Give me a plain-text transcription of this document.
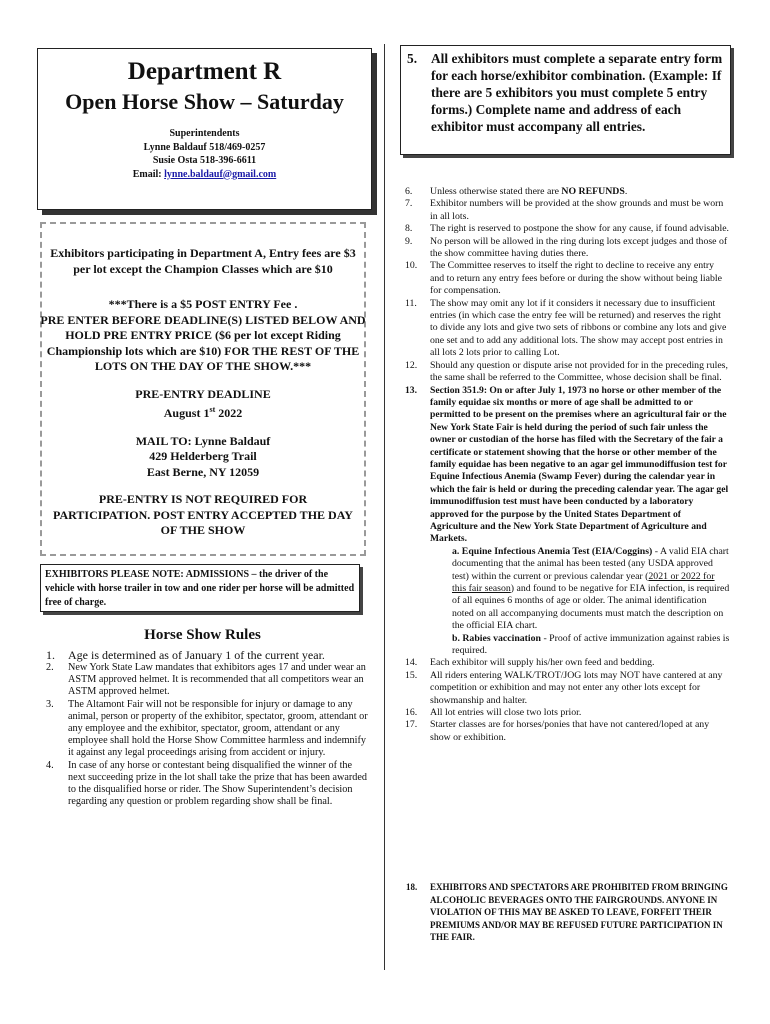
Department R
Open Horse Show – Saturday
Superintendents
Lynne Baldauf 518/469-0257
Susie Osta 518-396-6611
Email: lynne.baldauf@gmail.com

Exhibitors participating in Department A, Entry fees are $3 per lot except the Champion Classes which are $10

***There is a $5 POST ENTRY Fee .

PRE ENTER BEFORE DEADLINE(S) LISTED BELOW AND HOLD PRE ENTRY PRICE ($6 per lot except Riding Championship lots which are $10) FOR THE REST OF THE LOTS ON THE DAY OF THE SHOW.***

PRE-ENTRY DEADLINE

August 1st 2022

MAIL TO: Lynne Baldauf

429 Helderberg Trail

East Berne, NY 12059

PRE-ENTRY IS NOT REQUIRED FOR PARTICIPATION. POST ENTRY ACCEPTED THE DAY OF THE SHOW

EXHIBITORS PLEASE NOTE: ADMISSIONS – the driver of the vehicle with horse trailer in tow and one rider per horse will be admitted free of charge.
Horse Show Rules
1. Age is determined as of January 1 of the current year.
2. New York State Law mandates that exhibitors ages 17 and under wear an ASTM approved helmet. It is recommended that all competitors wear an ASTM approved helmet.
3. The Altamont Fair will not be responsible for injury or damage to any animal, person or property of the exhibitor, spectator, groom, attendant or any employee and the exhibitor, spectator, groom, attendant or any employee shall hold the Horse Show Committee harmless and indemnify it against any legal proceedings arising from accident or injury.
4. In case of any horse or contestant being disqualified the winner of the next succeeding prize in the lot shall take the prize that has been awarded to the disqualified horse or rider. The Show Superintendent’s decision regarding any question or problem regarding show shall be final.
5. All exhibitors must complete a separate entry form for each horse/exhibitor combination. (Example: If there are 5 exhibitors you must complete 5 entry forms.) Complete name and address of each exhibitor must accompany all entries.
6. Unless otherwise stated there are NO REFUNDS.
7. Exhibitor numbers will be provided at the show grounds and must be worn in all lots.
8. The right is reserved to postpone the show for any cause, if found advisable.
9. No person will be allowed in the ring during lots except judges and those of the show committee having duties there.
10. The Committee reserves to itself the right to decline to receive any entry and to return any entry fees before or during the show without being liable for compensation.
11. The show may omit any lot if it considers it necessary due to insufficient entries (in which case the entry fee will be returned) and reserves the right to divide any lots and give two sets of ribbons or combine any lots and give one set and to add any additional lots. The show may accept post entries in all lots 2 lots prior to calling Lot.
12. Should any question or dispute arise not provided for in the preceding rules, the same shall be referred to the Committee, whose decision shall be final.
13. Section 351.9: On or after July 1, 1973 no horse or other member of the family equidae six months or more of age shall be admitted to or permitted to be present on the premises where an agricultural fair or the New York State Fair is held during the period of such fair unless the owner or custodian of the horse has filed with the Secretary of the fair a certificate or statement showing that the horse or other member of the family equidae has been negative to an agar gel immunodiffusion test for Equine Infectious Anemia (Swamp Fever) during the calendar year in which the fair is held or during the preceding calendar year. The agar gel immunodiffusion test must have been conducted by a laboratory approved for the purpose by the United States Department of Agriculture and the New York State Department of Agriculture and Markets.
a. Equine Infectious Anemia Test (EIA/Coggins) - A valid EIA chart documenting that the animal has been tested (any USDA approved test) within the current or previous calendar year (2021 or 2022 for this fair season) and found to be negative for EIA infection, is required of all equines 6 months of age or older. The animal identification noted on all accompanying documents must match the description on the official EIA chart.
b. Rabies vaccination - Proof of active immunization against rabies is required.
14. Each exhibitor will supply his/her own feed and bedding.
15. All riders entering WALK/TROT/JOG lots may NOT have cantered at any competition or exhibition and may not enter any other lots except for showmanship and halter.
16. All lot entries will close two lots prior.
17. Starter classes are for horses/ponies that have not cantered/loped at any show or exhibition.
18. EXHIBITORS AND SPECTATORS ARE PROHIBITED FROM BRINGING ALCOHOLIC BEVERAGES ONTO THE FAIRGROUNDS. ANYONE IN VIOLATION OF THIS MAY BE ASKED TO LEAVE, FORFEIT THEIR PREMIUMS AND/OR MAY BE REFUSED FUTURE PARTICIPATION IN THE FAIR.
